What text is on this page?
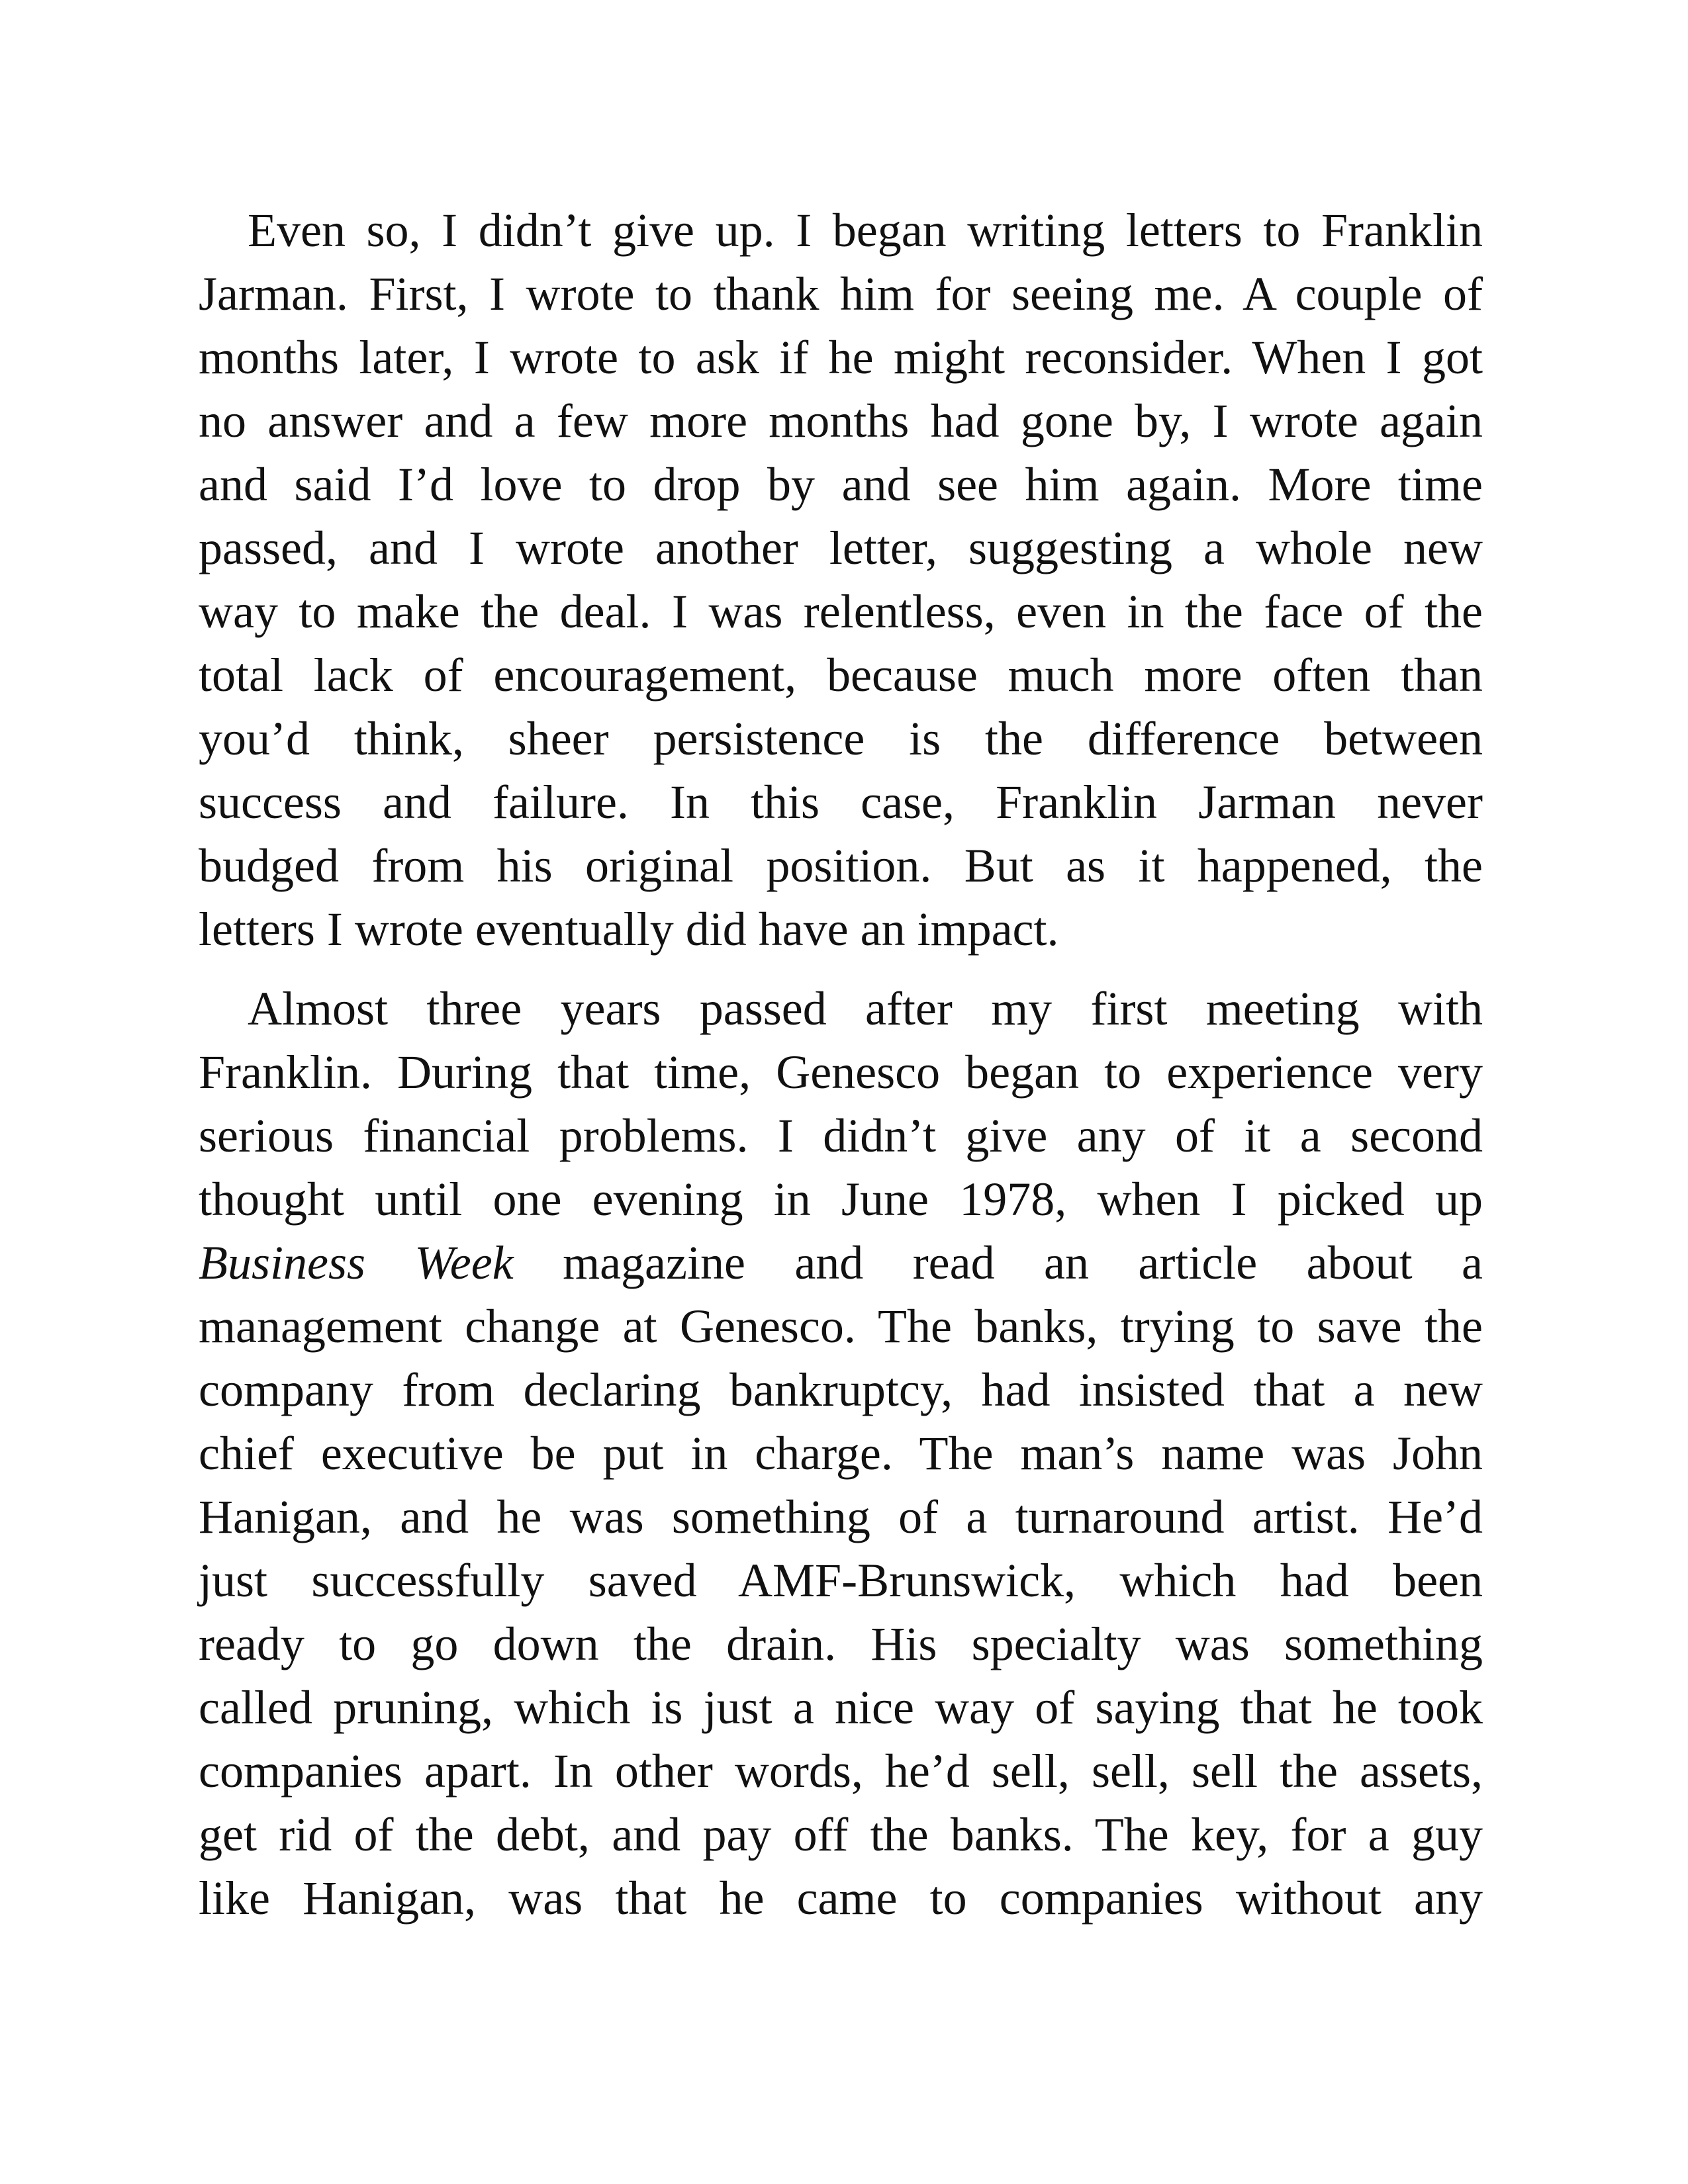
Even so, I didn’t give up. I began writing letters to Franklin
Jarman. First, I wrote to thank him for seeing me. A couple of
months later, I wrote to ask if he might reconsider. When I got
no answer and a few more months had gone by, I wrote again
and said I’d love to drop by and see him again. More time
passed, and I wrote another letter, suggesting a whole new
way to make the deal. I was relentless, even in the face of the
total lack of encouragement, because much more often than
you’d think, sheer persistence is the difference between
success and failure. In this case, Franklin Jarman never
budged from his original position. But as it happened, the
letters I wrote eventually did have an impact.
Almost three years passed after my first meeting with
Franklin. During that time, Genesco began to experience very
serious financial problems. I didn’t give any of it a second
thought until one evening in June 1978, when I picked up
Business Week magazine and read an article about a
management change at Genesco. The banks, trying to save the
company from declaring bankruptcy, had insisted that a new
chief executive be put in charge. The man’s name was John
Hanigan, and he was something of a turnaround artist. He’d
just successfully saved AMF-Brunswick, which had been
ready to go down the drain. His specialty was something
called pruning, which is just a nice way of saying that he took
companies apart. In other words, he’d sell, sell, sell the assets,
get rid of the debt, and pay off the banks. The key, for a guy
like Hanigan, was that he came to companies without any
